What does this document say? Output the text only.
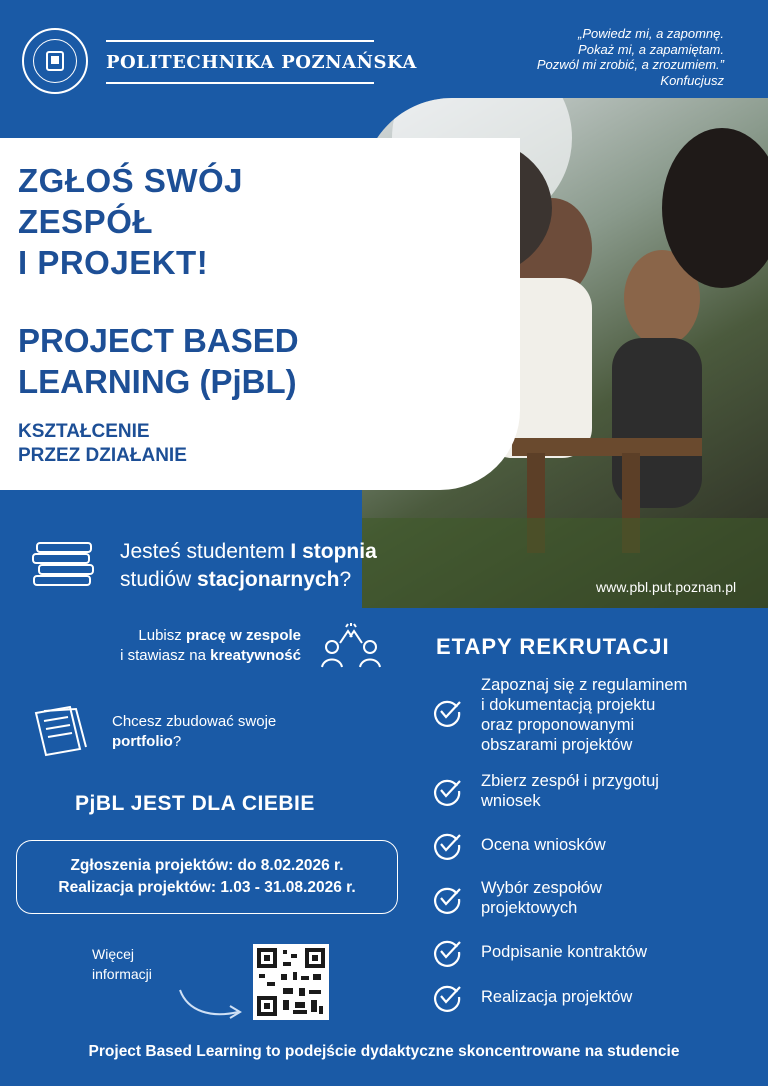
POLITECHNIKA POZNAŃSKA
„Powiedz mi, a zapomnę.
Pokaż mi, a zapamiętam.
Pozwól mi zrobić, a zrozumiem.”
Konfucjusz
ZGŁOŚ SWÓJ
ZESPÓŁ
I PROJEKT!
PROJECT BASED
LEARNING (PjBL)
KSZTAŁCENIE
PRZEZ DZIAŁANIE
www.pbl.put.poznan.pl
Jesteś studentem I stopnia
studiów stacjonarnych?
Lubisz pracę w zespole
i stawiasz na kreatywność
Chcesz zbudować swoje
portfolio?
PjBL JEST DLA CIEBIE
Zgłoszenia projektów: do 8.02.2026 r.
Realizacja projektów: 1.03 - 31.08.2026 r.
Więcej
informacji
ETAPY REKRUTACJI
Zapoznaj się z regulaminem
i dokumentacją projektu
oraz proponowanymi
obszarami projektów
Zbierz zespół i przygotuj
wniosek
Ocena wniosków
Wybór zespołów
projektowych
Podpisanie kontraktów
Realizacja projektów
Project Based Learning to podejście dydaktyczne skoncentrowane na studencie
